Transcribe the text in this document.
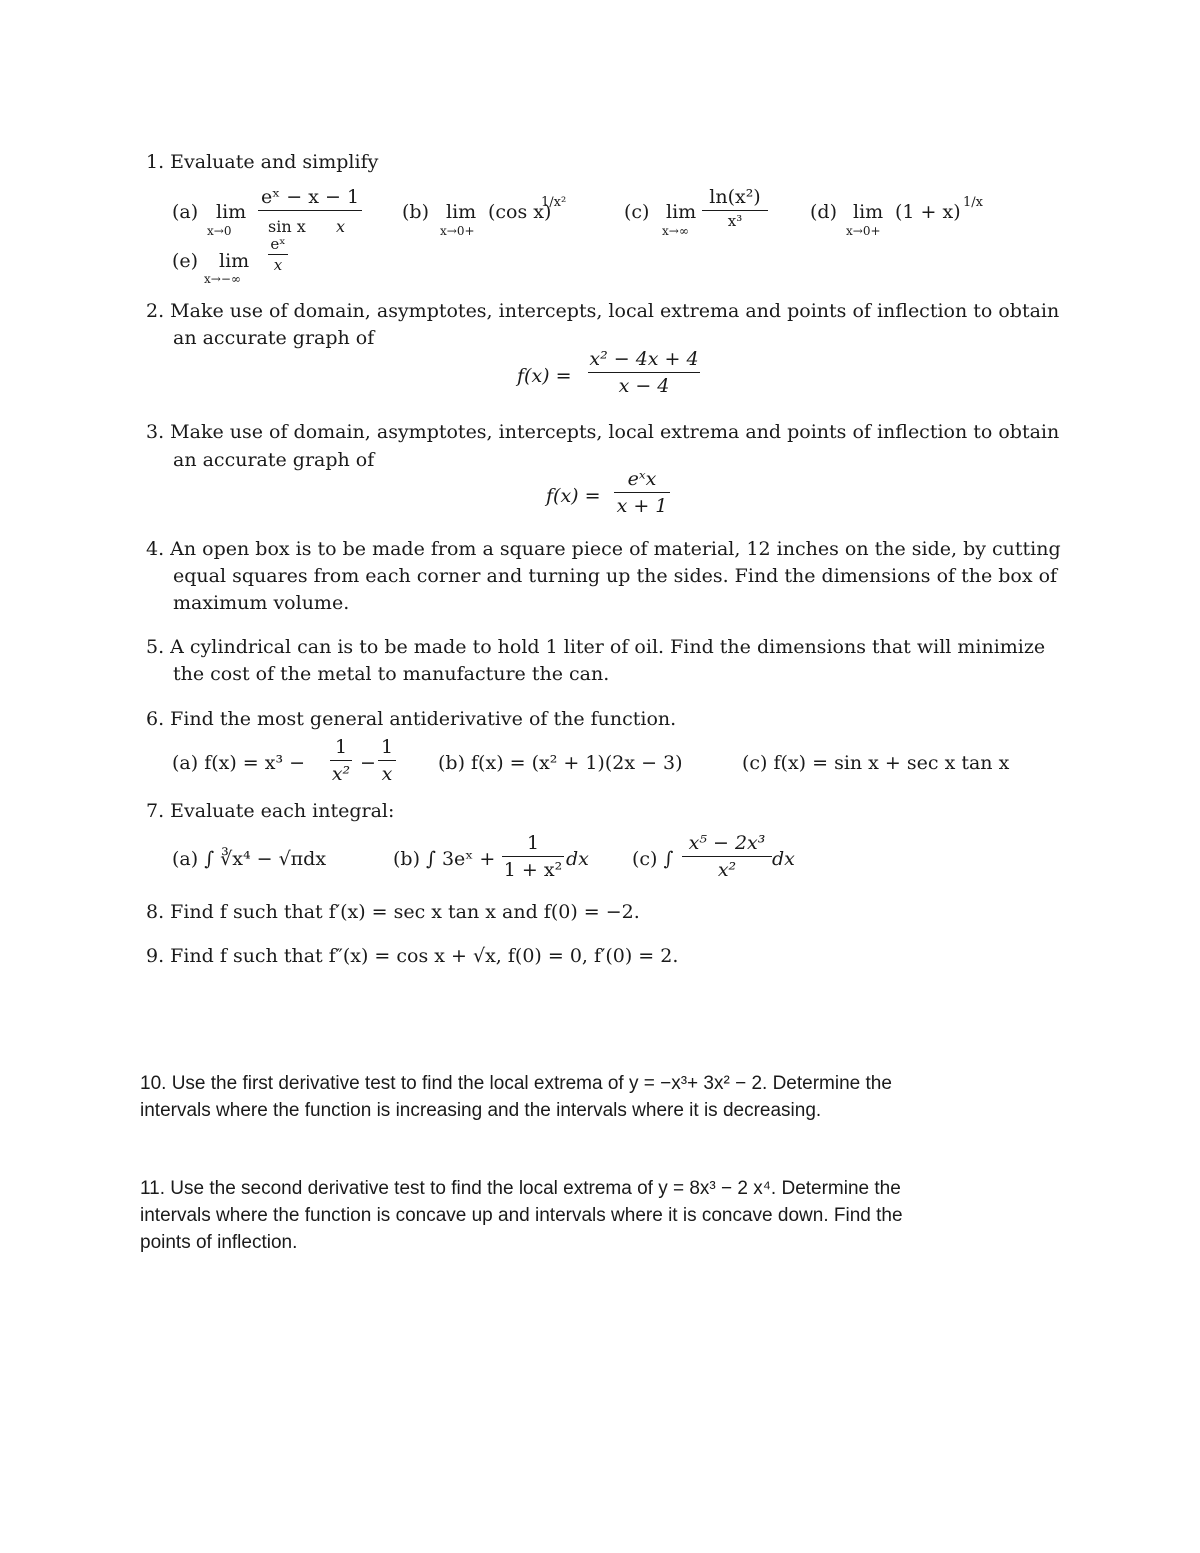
1. Evaluate and simplify
(a) lim
x→0
eˣ − x − 1
sin x x
(b) lim
x→0+
(cos x)
1/x²	(c) lim
x→∞
ln(x²)
x³	(d) lim
x→0+
(1 + x) 1/x
(e) lim
x→−∞
eˣ
x
2. Make use of domain, asymptotes, intercepts, local extrema and points of inflection to obtain
an accurate graph of
f(x) =
x² − 4x + 4
x − 4
3. Make use of domain, asymptotes, intercepts, local extrema and points of inflection to obtain
an accurate graph of
f(x) =
eˣx
x + 1
4. An open box is to be made from a square piece of material, 12 inches on the side, by cutting
equal squares from each corner and turning up the sides. Find the dimensions of the box of
maximum volume.
5. A cylindrical can is to be made to hold 1 liter of oil. Find the dimensions that will minimize
the cost of the metal to manufacture the can.
6. Find the most general antiderivative of the function.
(a) f(x) = x³ −
1
x² −
1
x (b) f(x) = (x² + 1)(2x − 3)	(c) f(x) = sin x + sec x tan x
7. Evaluate each integral:
(a) ∫ ∛x⁴ − √πdx	(b) ∫ 3eˣ +
1
1 + x² dx (c) ∫
x⁵ − 2x³
x²	dx
8. Find f such that f′(x) = sec x tan x and f(0) = −2.
9. Find f such that f″(x) = cos x + √x, f(0) = 0, f′(0) = 2.
10. Use the first derivative test to find the local extrema of y = −x³+ 3x² − 2. Determine the
intervals where the function is increasing and the intervals where it is decreasing.
11. Use the second derivative test to find the local extrema of y = 8x³ − 2 x⁴. Determine the
intervals where the function is concave up and intervals where it is concave down. Find the
points of inflection.
